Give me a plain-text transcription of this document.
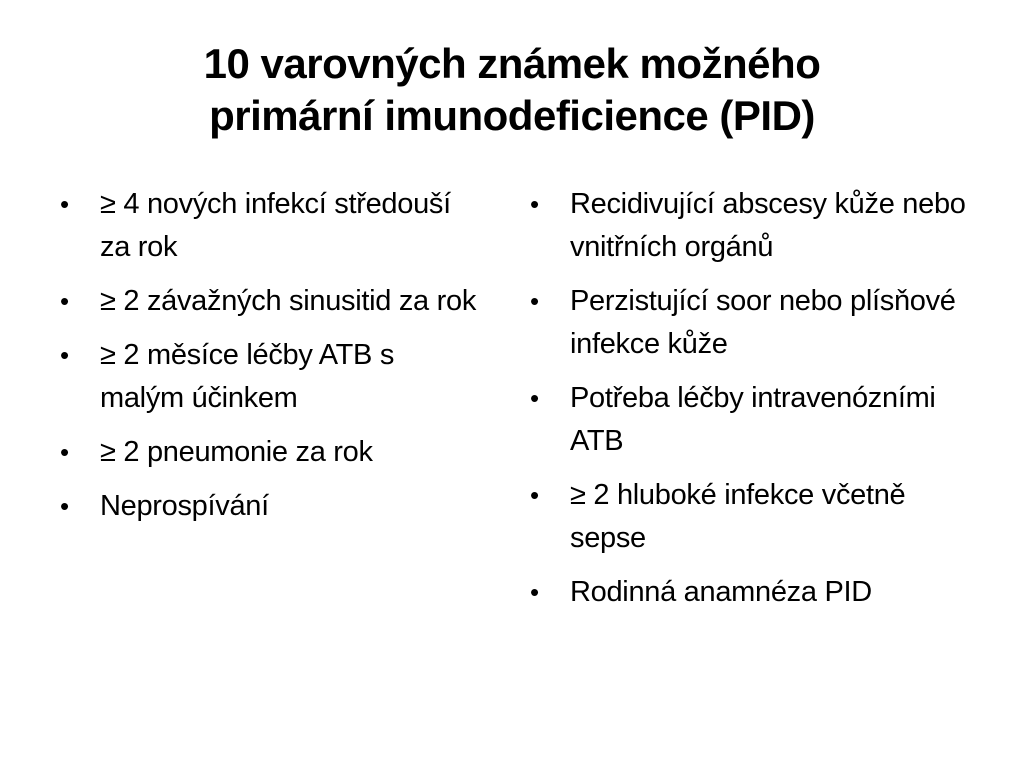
10 varovných známek možného
primární imunodeficience (PID)
•	≥ 4 nových infekcí středouší za rok
•	≥ 2 závažných sinusitid za rok
•	≥ 2 měsíce léčby ATB s malým účinkem
•	≥ 2 pneumonie za rok
•	Neprospívání
•	Recidivující abscesy kůže nebo vnitřních orgánů
•	Perzistující soor nebo plísňové infekce kůže
•	Potřeba léčby intravenózními ATB
•	≥ 2 hluboké infekce včetně sepse
•	Rodinná anamnéza PID
